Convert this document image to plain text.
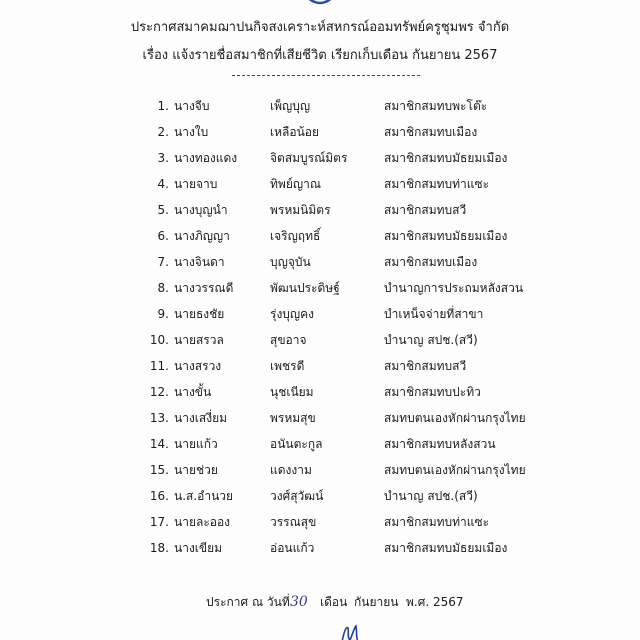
ประกาศสมาคมฌาปนกิจสงเคราะห์สหกรณ์ออมทรัพย์ครูชุมพร จำกัด
เรื่อง แจ้งรายชื่อสมาชิกที่เสียชีวิต เรียกเก็บเดือน กันยายน 2567
1. นางจีบ	เพ็ญบุญ	สมาชิกสมทบพะโต๊ะ
2. นางใบ	เหลือน้อย	สมาชิกสมทบเมือง
3. นางทองแดง	จิตสมบูรณ์มิตร	สมาชิกสมทบมัธยมเมือง
4. นายจาบ	ทิพย์ญาณ	สมาชิกสมทบท่าแซะ
5. นางบุญนำ	พรหมนิมิตร	สมาชิกสมทบสวี
6. นางภิญญา	เจริญฤทธิ์	สมาชิกสมทบมัธยมเมือง
7. นางจินดา	บุญจุบัน	สมาชิกสมทบเมือง
8. นางวรรณดี	พัฒนประดิษฐ์	บำนาญการประถมหลังสวน
9. นายธงชัย	รุ่งบุญคง	บำเหน็จจ่ายที่สาขา
10. นายสรวล	สุขอาจ	บำนาญ สปช.(สวี)
11. นางสรวง	เพชรดี	สมาชิกสมทบสวี
12. นางขั้น	นุชเนียม	สมาชิกสมทบปะทิว
13. นางเสงี่ยม	พรหมสุข	สมทบตนเองหักผ่านกรุงไทย
14. นายแก้ว	อนันตะกูล	สมาชิกสมทบหลังสวน
15. นายช่วย	แดงงาม	สมทบตนเองหักผ่านกรุงไทย
16. น.ส.อำนวย	วงศ์สุวัฒน์	บำนาญ สปช.(สวี)
17. นายละออง	วรรณสุข	สมาชิกสมทบท่าแซะ
18. นางเขียม	อ่อนแก้ว	สมาชิกสมทบมัธยมเมือง
ประกาศ ณ วันที่ 30 เดือน กันยายน พ.ศ. 2567
